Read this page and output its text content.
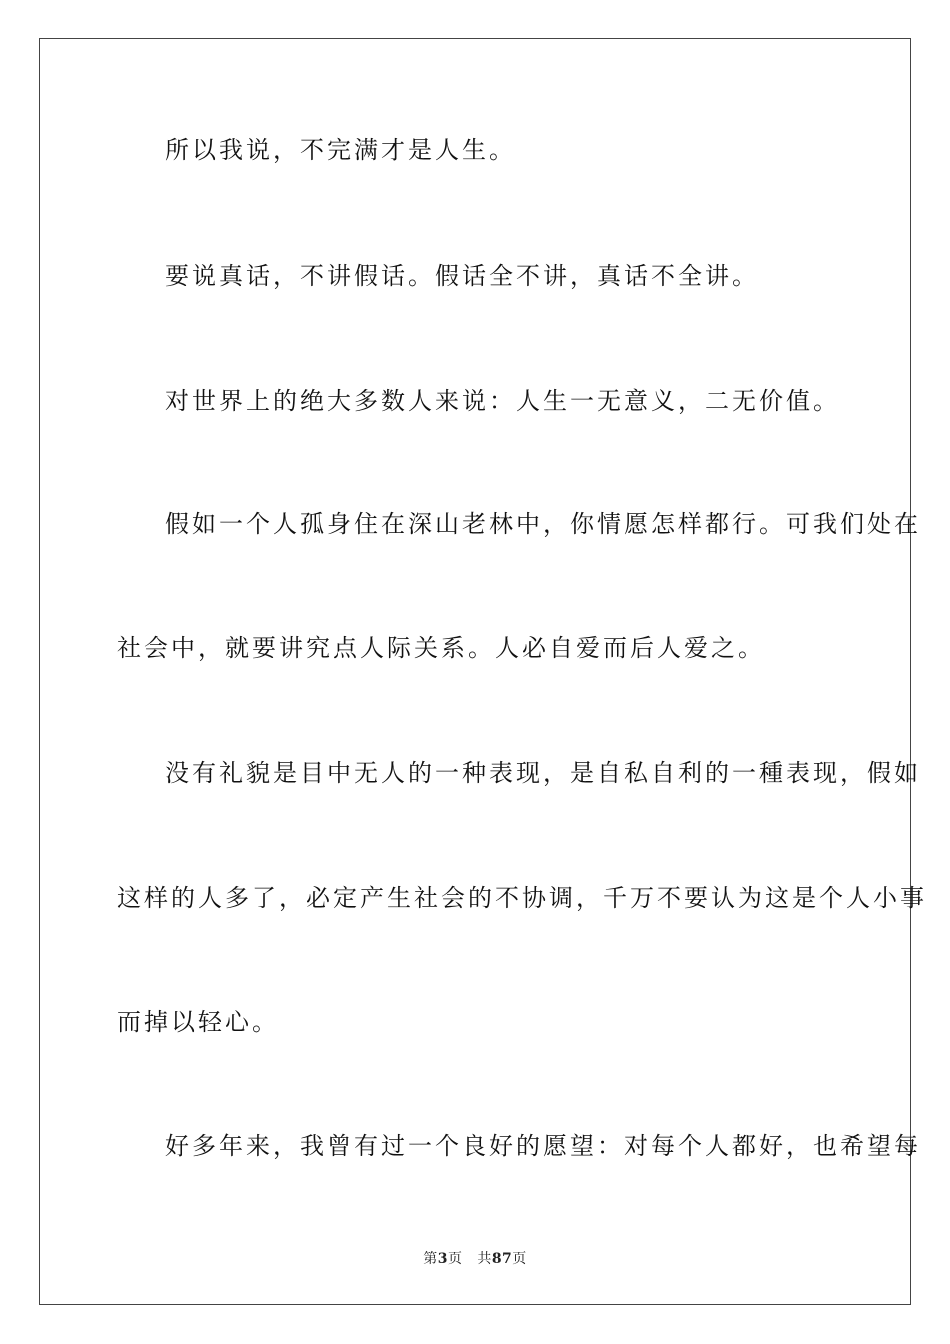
所以我说，不完满才是人生。
要说真话，不讲假话。假话全不讲，真话不全讲。
对世界上的绝大多数人来说：人生一无意义，二无价值。
假如一个人孤身住在深山老林中，你情愿怎样都行。可我们处在
社会中，就要讲究点人际关系。人必自爱而后人爱之。
没有礼貌是目中无人的一种表现，是自私自利的一種表现，假如
这样的人多了，必定产生社会的不协调，千万不要认为这是个人小事
而掉以轻心。
好多年来，我曾有过一个良好的愿望：对每个人都好，也希望每
第3页 共87页
